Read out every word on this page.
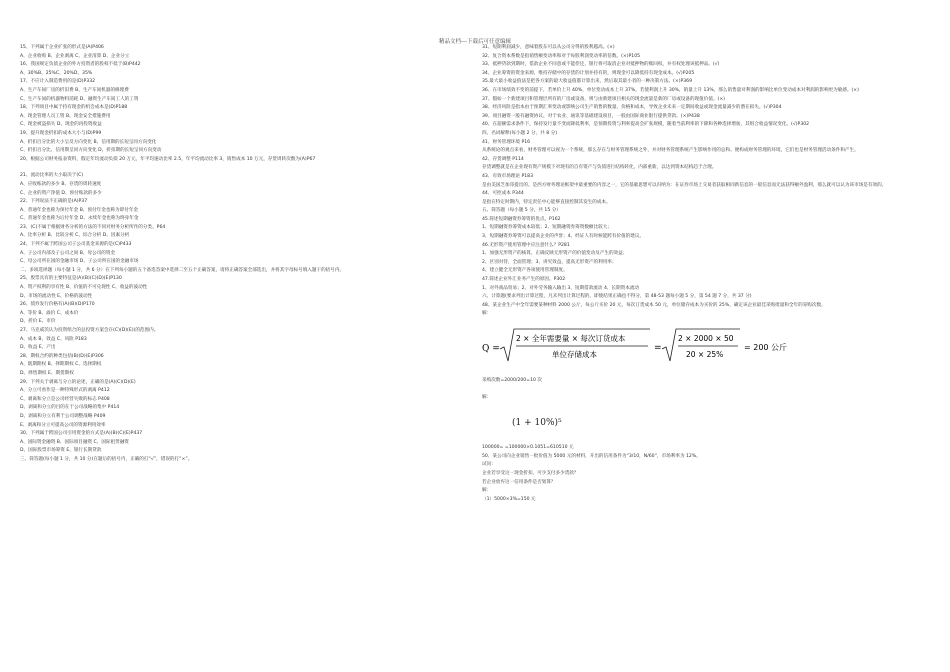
精品文档---下载后可任意编辑
15、下列属于企业扩张的形式是(A)P406
A、企业收购 B、企业剥离 C、企业清算 D、企业分立
16、我国规定负债企业的外方投资者的股权不低于(B)P442
A、30%B、25%C、20%D、35%
17、不应计入制造费用的是(D)P332
A、生产车间厂房的折旧费 B、生产车间机器的修理费
C、生产车间的机器物料消耗 D、融资生产车间工人的工资
18、下列项目中属于持有现金的机会成本是(D)P188
A、现金管理人员工资 B、现金安全措施费用
C、现金被盗损失 D、现金的再投资收益
19、提升现金折扣的成本大小与(D)P99
A、折扣百分比的大小呈反方向变化 B、信用期的长短呈同方向变化
C、折扣百分比、信用期呈同方向变化 D、折扣期的长短呈同方向变动
20、根据公司财务报表资料，假定年均流动负债 20 万元，年平均速动比率 2.5，年平均流动比率 3，销售成本 10 万元，存货周转次数为(A)P67
21、流动比率的大小取决于(C)
A、应收账款的多少 B、存货的周转速度
C、企业的资产净值 D、预付账款的多少
22、下列说法不正确的是(A)P37
A、普通年金也称为预付年金 B、预付年金也称为即付年金
C、普通年金也称为后付年金 D、永续年金也称为终身年金
23、(C)不属于根据财务分析的方法的不同对财务分析所作的分类。P64
A、比率分析 B、比较分析 C、综合分析 D、因素分析
24、下列不属于跨国公司子公司基金来源的是(C)P433
A、子公司内部及子公司之间 B、母公司的资金
C、母公司所在国的金融市场 D、子公司所在国的金融市场
二、多项选择题（每小题 1 分，共 6 分）在下列每小题的五个备选答案中选择二至五个正确答案，请将正确答案全部选出，并将其字母标号填入题干的括号内。
25、股票具有的主要特征是(A)(B)(C)(D)(E)P130
A、资产权利的享有性 B、价值的不可兑现性 C、收益的波动性
D、市场的流动性 E、价格的波动性
26、债券发行价格有(A)(B)(D)P170
A、等价 B、溢价 C、成本价
D、折价 E、市价
27、马克威茨认为投资组合的总投资方案会在(C)(D)(E)(的范围内。
A、成本 B、效益 C、风险 P183
D、收益 E、产出
28、期权合约的种类包括(B)(D)(E)P306
A、既期期权 B、择期期权 C、选择期权
D、择售期权 E、期货期权
29、下列关于剥离与分立的论述，正确的是(A)(C)(D)(E)
A、分立可看作是一种特殊形式的剥离 P412
C、剥离和分立是公司经营失败的标志 P408
D、剥离和分立的目的在于公司战略的集中 P414
D、剥离和分立有利于公司调整战略 P409
E、剥离和分立可提高公司的资源利用效率
30、下列属于跨国公司引用资金的方式是(A)(B)(C)(E)P437
A、国际资金融资 B、国际项目融资 C、国际租赁融资
D、国际股票市场筹资 E、银行长期贷款
三、简答题(每小题 1 分，共 10 分)在题后的括号内，正确的打“√”，错误的打“×”。
31、短期利润减少，意味着股东可以从公司分得的股利越高。(×)
32、复合资本系数是指销售额变动率和对于每股利润变动率的倍数。(×)P105
33、抵押贷款到期时，借款企业不同意或不能偿还，银行将可取消企业对抵押物的赎回权，并有权处理该抵押品。(√)
34、企业筹资的资金来源，维持存储中的存货的计划并持有的，则现金可以降低持有现金成本。(√)P205
35.最大最小收益值法是把各方案的最大收益值都计算出来，然后取其最小者的一种决策方法。(×)P369
36、在市场绩效不变的前提下，若单价上升 40%，单位变动成本上升 37%，若使利润上升 30%，销量上升 13%，那么销售量对利润的影响比单位变动成本对利润的影响更为敏感。(×)
37、假如一个新建项目和管理层所有的厂房或设备，则与由新建项目相关的现金流量是新的厂房或设备的现值价值。(×)
38、经济风险是指本由于预期汇率变动或影响公司生产销售的数量、价格和成本，导致企业未来一定期间收益或现金流量减少的潜在损失。(√)P304
39、项目融资一般有融资协议、对于农业、通讯等基础建设项目，一般由国际商业银行提供贷款。(×)P438
40、在超额需求条件下，保持发行量不变而降低利率，是预期投资与利率提高会扩张规模，随着当前利率的下降和各种选择增加，其组合收益情况变化。(√)P302
四、名词解释(每小题 2 分，共 8 分)
41、财务管理环境 P16
从系统论的观点来看，财务管理可以视为一个系统，那么存在与财务管理系统之外，并对财务管理系统产生影响作用的总和。便构成财务管理的环境，它们也是财务管理活动条件和产生。
42、存货调整 P114
存货调整就是在企业现有资产规模下对现有的自有资产与负债进行结构转化，内部重新，以达到资本结构趋于合理。
43、有效市场理论 P183
是由美国芝加哥提出的。是西方财务理论框架中最重要的内容之一，它的基础思想可以归纳为：在证券市场上交易者获取相同新信息的一般信息而无法获得额外盈利，那么就可以认为该市场是有效的。
44、可控成本 P344
是指在特定时期内，特定责任中心能够直接控制其发生的成本。
五、简答题（每小题 5 分，共 15 分）
45.简述短期融资券筹资的优点。P162
1、短期融资券筹资成本较低；2、短期融资券筹资数额比较大；
3、短期融资券筹资可以提高企业的声誉；4、经证人有时候能跨有价值的建议。
46.无形资产使用管理中应注意什么？P281
1、加强无形资产的核算，正确反映无形资产的价值变动及产生的效益；
2、区别对待，全面管理；3、讲究效益，提高无形资产的利用率；
4、建立健全无形资产各项使用管理制度。
47.简述企业外汇业务产生的原因。P302
1、对外商品贸易；2、对外劳务输入输出 3、短期借款流动 4、长期资本流动
六、计算题(要求列出计算过程，凡未列出计算过程的，即使结果正确也不得分，第 48-53 题每小题 5 分，第 54 题 7 分，共 37 分)
48、某企业生产中全年需要某种材料 2000 公斤，每公斤买价 20 元，每次订货成本 50 元，单位储存成本为买价的 25%，确定该企业最佳采购批量和全年的采购次数。
解：
Q =
2 × 全年需要量 × 每次订货成本
单位存储成本
=
2 × 2000 × 50
20 × 25%
= 200 公斤
采购次数=2000/200=10 次
解：
(1 + 10%)⁵
100000= =100000×0.1051=610510 元
50、某公司向企业销售一批价值为 5000 元的材料，开出的信用条件为“3/10，N/60”，市场利率为 12%。
试问：
企业若享受这一现金折扣，可少支付多少货款？
若企业放弃这一信用条件是否划算？
解：
（1）5000×3%=150 元
